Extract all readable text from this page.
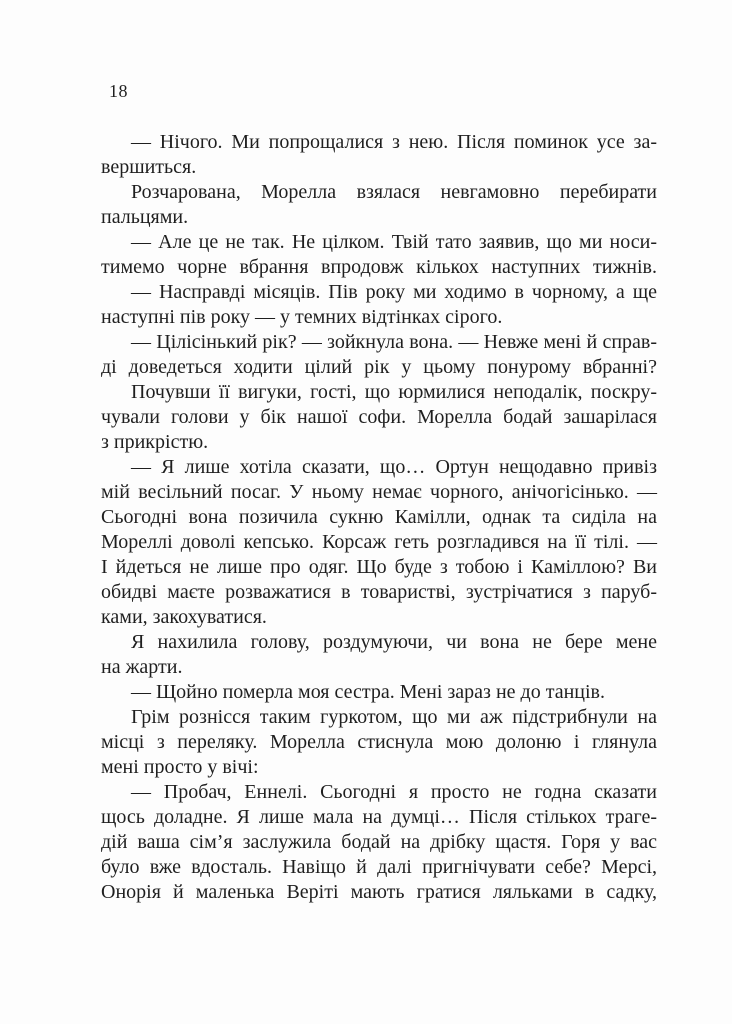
18
— Нічого. Ми попрощалися з нею. Після поминок усе за-
вершиться.
Розчарована, Морелла взялася невгамовно перебирати
пальцями.
— Але це не так. Не цілком. Твій тато заявив, що ми носи-
тимемо чорне вбрання впродовж кількох наступних тижнів.
— Насправді місяців. Пів року ми ходимо в чорному, а ще
наступні пів року — у темних відтінках сірого.
— Цілісінький рік? — зойкнула вона. — Невже мені й справ-
ді доведеться ходити цілий рік у цьому понурому вбранні?
Почувши її вигуки, гості, що юрмилися неподалік, поскру-
чували голови у бік нашої софи. Морелла бодай зашарілася
з прикрістю.
— Я лише хотіла сказати, що… Ортун нещодавно привіз
мій весільний посаг. У ньому немає чорного, анічогісінько. —
Сьогодні вона позичила сукню Камілли, однак та сиділа на
Мореллі доволі кепсько. Корсаж геть розгладився на її тілі. —
І йдеться не лише про одяг. Що буде з тобою і Каміллою? Ви
обидві маєте розважатися в товаристві, зустрічатися з паруб-
ками, закохуватися.
Я нахилила голову, роздумуючи, чи вона не бере мене
на жарти.
— Щойно померла моя сестра. Мені зараз не до танців.
Грім рознісся таким гуркотом, що ми аж підстрибнули на
місці з переляку. Морелла стиснула мою долоню і глянула
мені просто у вічі:
— Пробач, Еннелі. Сьогодні я просто не годна сказати
щось доладне. Я лише мала на думці… Після стількох траге-
дій ваша сім’я заслужила бодай на дрібку щастя. Горя у вас
було вже вдосталь. Навіщо й далі пригнічувати себе? Мерсі,
Онорія й маленька Веріті мають гратися ляльками в садку,
